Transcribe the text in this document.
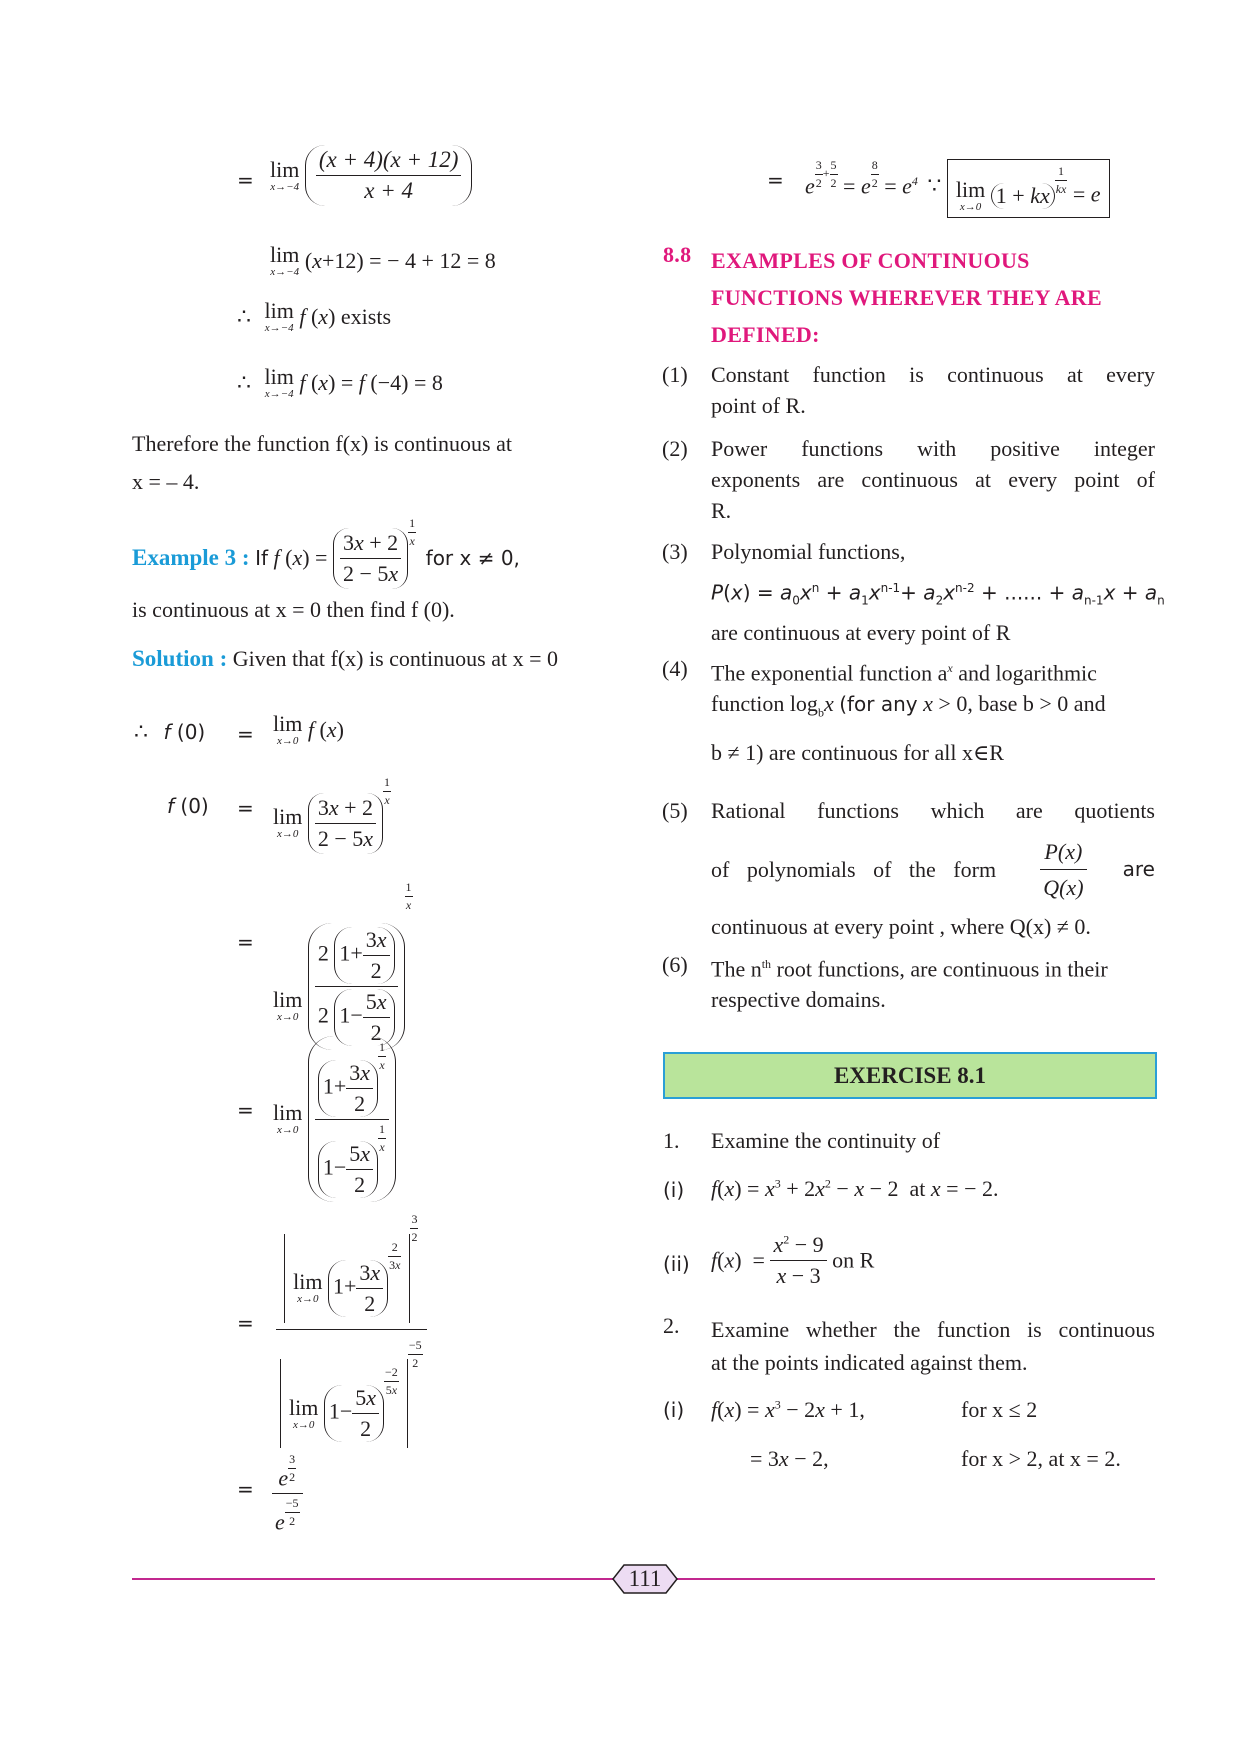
= lim
x→−4
$\frac{(x + 4)(x + 12)}{x + 4}$
lim
x→−4 (x+12) = − 4 + 12 = 8
∴ lim
x→−4 f (x) exists
∴ lim
x→−4 f (x) = f (−4) = 8
Therefore the function f(x) is continuous at
x = – 4.
Example 3 : If f $(x) = \frac{3x + 2}{2 - 5x} ^{\frac{1}{x}}$
for x ≠ 0,
is continuous at x = 0 then find f (0).
Solution : Given that f(x) is continuous at x = 0
∴ f (0) = lim
x→0 f (x)
f (0) = lim
x→0
$\frac{3x + 2}{2 - 5x}$
$^{\frac{1}{x}}$
=
lim
x→0
$\frac{2 1+ \frac{3x}{2}}{2 1- \frac{5x}{2}}$
$^{\frac{1}{x}}$
= lim
x→0
$1+ \frac{3x}{2}$
$^{\frac{1}{x}}$
$1- \frac{5x}{2}$
$^{\frac{1}{x}}$
= lim
x→0
$1+ \frac{3x}{2}$
$^{\frac{2}{3x}}$
$^{\frac{3}{2}}$
lim
x→0
$1- \frac{5x}{2}$
$^{\frac{-2}{5x}}$
$^{\frac{-5}{2}}$
= e $^{\frac{3}{2}}$
e $^{\frac{-5}{2}}$
= e $^{\frac{3}{2} + \frac{5}{2}}$ = e $^{\frac{8}{2}} = e^4$ ∵ lim
x→0 1 + kx $^{\frac{1}{kx}}$ = e
8.8 EXAMPLES OF CONTINUOUS
FUNCTIONS WHEREVER THEY ARE
DEFINED:
(1) Constant function is continuous at every
point of R.
(2) Power functions with positive integer
exponents are continuous at every point of
R.
(3) Polynomial functions,
$P(x) = a_0x^n + a_1x^{n-1}+ a_2x^{n-2}$ + ...... + $a_{n-1}x + a_n$
are continuous at every point of R
(4) The exponential function $a^x$ and logarithmic
function $\log_bx$ (for any x > 0, base b > 0 and
b ≠ 1) are continuous for all x∈R
(5) Rational functions which are quotients
of polynomials of the form $\frac{P(x)}{Q(x)}$ are
continuous at every point , where Q(x) ≠ 0.
(6) The $n^{th}$ root functions, are continuous in their
respective domains.
EXERCISE 8.1
1. Examine the continuity of
(i) $f(x) = x^3 + 2x^2 - x - 2$  at x = − 2.
(ii) $f(x) = \frac{x^2 - 9}{x - 3}$ on R
2. Examine whether the function is continuous
at the points indicated against them.
(i) $f(x) = x^3 - 2x + 1$,	for x ≤ 2
= 3x − 2,	for x > 2, at x = 2.
111
